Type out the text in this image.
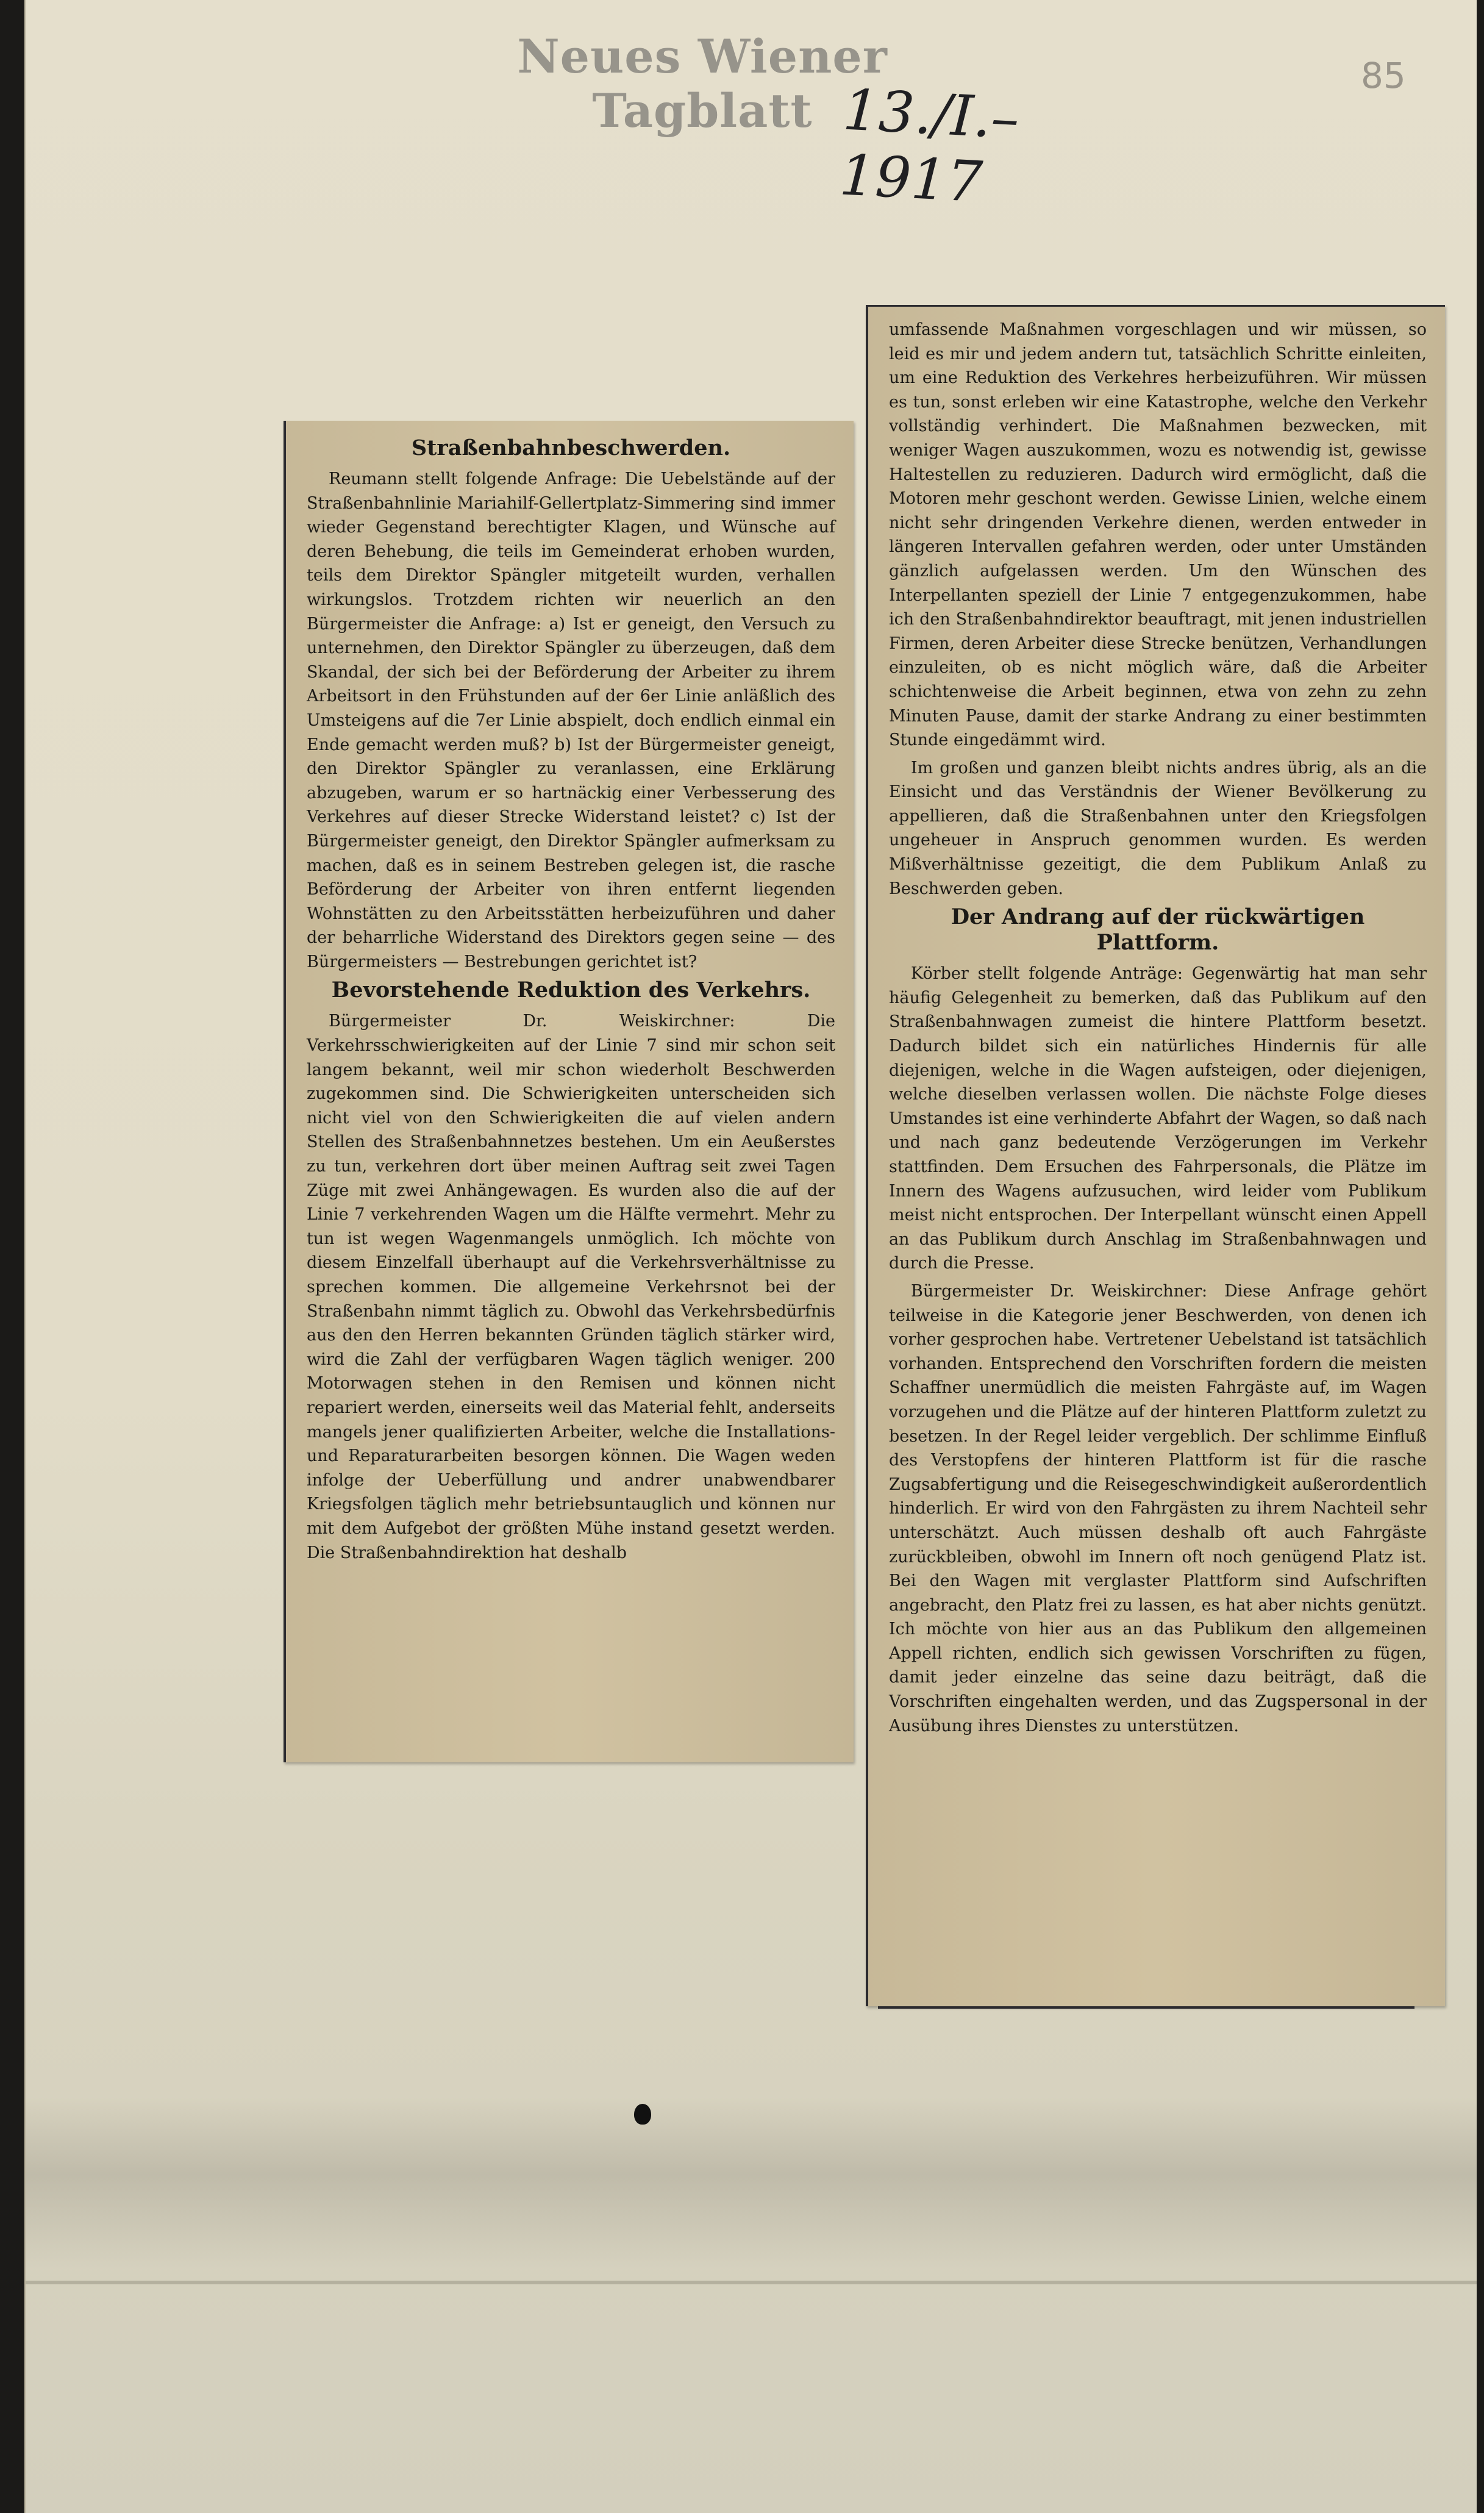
Neues Wiener Tagblatt 13./I.–1917
85
Straßenbahnbeschwerden.

Reumann stellt folgende Anfrage: Die Uebelstände auf der Straßenbahnlinie Mariahilf-Gellertplatz-Simmering sind immer wieder Gegenstand berechtigter Klagen, und Wünsche auf deren Behebung, die teils im Gemeinderat erhoben wurden, teils dem Direktor Spängler mitgeteilt wurden, verhallen wirkungslos. Trotzdem richten wir neuerlich an den Bürgermeister die Anfrage: a) Ist er geneigt, den Versuch zu unternehmen, den Direktor Spängler zu überzeugen, daß dem Skandal, der sich bei der Beförderung der Arbeiter zu ihrem Arbeitsort in den Frühstunden auf der 6er Linie anläßlich des Umsteigens auf die 7er Linie abspielt, doch endlich einmal ein Ende gemacht werden muß? b) Ist der Bürgermeister geneigt, den Direktor Spängler zu veranlassen, eine Erklärung abzugeben, warum er so hartnäckig einer Verbesserung des Verkehres auf dieser Strecke Widerstand leistet? c) Ist der Bürgermeister geneigt, den Direktor Spängler aufmerksam zu machen, daß es in seinem Bestreben gelegen ist, die rasche Beförderung der Arbeiter von ihren entfernt liegenden Wohnstätten zu den Arbeitsstätten herbeizuführen und daher der beharrliche Widerstand des Direktors gegen seine — des Bürgermeisters — Bestrebungen gerichtet ist?

Bevorstehende Reduktion des Verkehrs.

Bürgermeister Dr. Weiskirchner: Die Verkehrsschwierigkeiten auf der Linie 7 sind mir schon seit langem bekannt, weil mir schon wiederholt Beschwerden zugekommen sind. Die Schwierigkeiten unterscheiden sich nicht viel von den Schwierigkeiten die auf vielen andern Stellen des Straßenbahnnetzes bestehen. Um ein Aeußerstes zu tun, verkehren dort über meinen Auftrag seit zwei Tagen Züge mit zwei Anhängewagen. Es wurden also die auf der Linie 7 verkehrenden Wagen um die Hälfte vermehrt. Mehr zu tun ist wegen Wagenmangels unmöglich. Ich möchte von diesem Einzelfall überhaupt auf die Verkehrsverhältnisse zu sprechen kommen. Die allgemeine Verkehrsnot bei der Straßenbahn nimmt täglich zu. Obwohl das Verkehrsbedürfnis aus den den Herren bekannten Gründen täglich stärker wird, wird die Zahl der verfügbaren Wagen täglich weniger. 200 Motorwagen stehen in den Remisen und können nicht repariert werden, einerseits weil das Material fehlt, anderseits mangels jener qualifizierten Arbeiter, welche die Installations- und Reparaturarbeiten besorgen können. Die Wagen weden infolge der Ueberfüllung und andrer unabwendbarer Kriegsfolgen täglich mehr betriebsuntauglich und können nur mit dem Aufgebot der größten Mühe instand gesetzt werden. Die Straßenbahndirektion hat deshalb

umfassende Maßnahmen vorgeschlagen und wir müssen, so leid es mir und jedem andern tut, tatsächlich Schritte einleiten, um eine Reduktion des Verkehres herbeizuführen. Wir müssen es tun, sonst erleben wir eine Katastrophe, welche den Verkehr vollständig verhindert. Die Maßnahmen bezwecken, mit weniger Wagen auszukommen, wozu es notwendig ist, gewisse Haltestellen zu reduzieren. Dadurch wird ermöglicht, daß die Motoren mehr geschont werden. Gewisse Linien, welche einem nicht sehr dringenden Verkehre dienen, werden entweder in längeren Intervallen gefahren werden, oder unter Umständen gänzlich aufgelassen werden. Um den Wünschen des Interpellanten speziell der Linie 7 entgegenzukommen, habe ich den Straßenbahndirektor beauftragt, mit jenen industriellen Firmen, deren Arbeiter diese Strecke benützen, Verhandlungen einzuleiten, ob es nicht möglich wäre, daß die Arbeiter schichtenweise die Arbeit beginnen, etwa von zehn zu zehn Minuten Pause, damit der starke Andrang zu einer bestimmten Stunde eingedämmt wird.

Im großen und ganzen bleibt nichts andres übrig, als an die Einsicht und das Verständnis der Wiener Bevölkerung zu appellieren, daß die Straßenbahnen unter den Kriegsfolgen ungeheuer in Anspruch genommen wurden. Es werden Mißverhältnisse gezeitigt, die dem Publikum Anlaß zu Beschwerden geben.

Der Andrang auf der rückwärtigen Plattform.

Körber stellt folgende Anträge: Gegenwärtig hat man sehr häufig Gelegenheit zu bemerken, daß das Publikum auf den Straßenbahnwagen zumeist die hintere Plattform besetzt. Dadurch bildet sich ein natürliches Hindernis für alle diejenigen, welche in die Wagen aufsteigen, oder diejenigen, welche dieselben verlassen wollen. Die nächste Folge dieses Umstandes ist eine verhinderte Abfahrt der Wagen, so daß nach und nach ganz bedeutende Verzögerungen im Verkehr stattfinden. Dem Ersuchen des Fahrpersonals, die Plätze im Innern des Wagens aufzusuchen, wird leider vom Publikum meist nicht entsprochen. Der Interpellant wünscht einen Appell an das Publikum durch Anschlag im Straßenbahnwagen und durch die Presse.

Bürgermeister Dr. Weiskirchner: Diese Anfrage gehört teilweise in die Kategorie jener Beschwerden, von denen ich vorher gesprochen habe. Vertretener Uebelstand ist tatsächlich vorhanden. Entsprechend den Vorschriften fordern die meisten Schaffner unermüdlich die meisten Fahrgäste auf, im Wagen vorzugehen und die Plätze auf der hinteren Plattform zuletzt zu besetzen. In der Regel leider vergeblich. Der schlimme Einfluß des Verstopfens der hinteren Plattform ist für die rasche Zugsabfertigung und die Reisegeschwindigkeit außerordentlich hinderlich. Er wird von den Fahrgästen zu ihrem Nachteil sehr unterschätzt. Auch müssen deshalb oft auch Fahrgäste zurückbleiben, obwohl im Innern oft noch genügend Platz ist. Bei den Wagen mit verglaster Plattform sind Aufschriften angebracht, den Platz frei zu lassen, es hat aber nichts genützt. Ich möchte von hier aus an das Publikum den allgemeinen Appell richten, endlich sich gewissen Vorschriften zu fügen, damit jeder einzelne das seine dazu beiträgt, daß die Vorschriften eingehalten werden, und das Zugspersonal in der Ausübung ihres Dienstes zu unterstützen.
